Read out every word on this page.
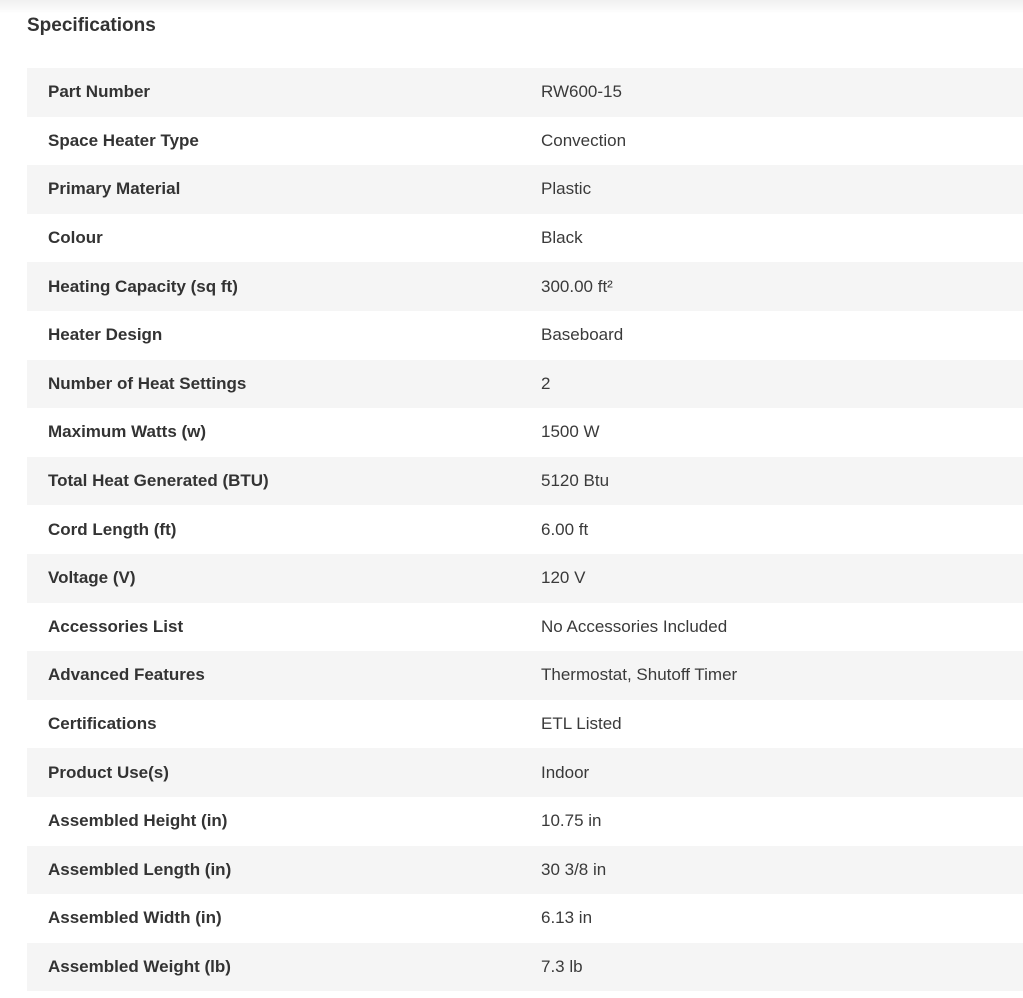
Specifications
Part Number	RW600-15
Space Heater Type	Convection
Primary Material	Plastic
Colour	Black
Heating Capacity (sq ft)	300.00 ft²
Heater Design	Baseboard
Number of Heat Settings	2
Maximum Watts (w)	1500 W
Total Heat Generated (BTU)	5120 Btu
Cord Length (ft)	6.00 ft
Voltage (V)	120 V
Accessories List	No Accessories Included
Advanced Features	Thermostat, Shutoff Timer
Certifications	ETL Listed
Product Use(s)	Indoor
Assembled Height (in)	10.75 in
Assembled Length (in)	30 3/8 in
Assembled Width (in)	6.13 in
Assembled Weight (lb)	7.3 lb
